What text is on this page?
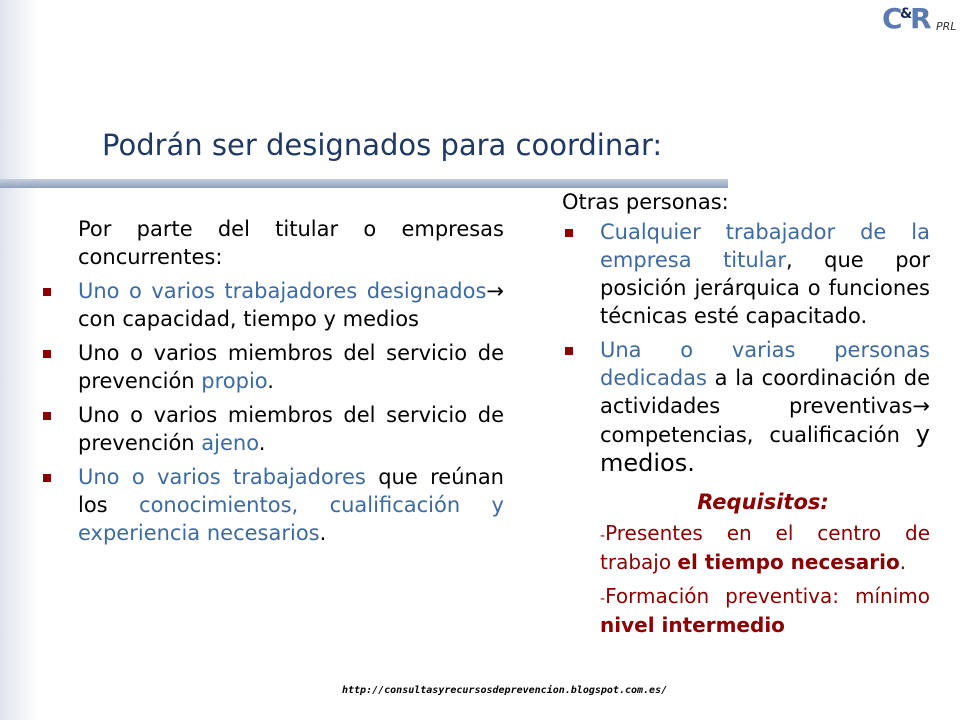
C R
&
PRL
Podrán ser designados para coordinar:

Por parte del titular o empresas concurrentes:

Uno o varios trabajadores designados→ con capacidad, tiempo y medios
Uno o varios miembros del servicio de prevención propio.
Uno o varios miembros del servicio de prevención ajeno.
Uno o varios trabajadores que reúnan los conocimientos, cualificación y experiencia necesarios.

Otras personas:

Cualquier trabajador de la empresa titular, que por posición jerárquica o funciones técnicas esté capacitado.
Una o varias personas dedicadas a la coordinación de actividades preventivas→ competencias, cualificación y medios.
Requisitos:
-Presentes en el centro de trabajo el tiempo necesario.
-Formación preventiva: mínimo nivel intermedio
http://consultasyrecursosdeprevencion.blogspot.com.es/
